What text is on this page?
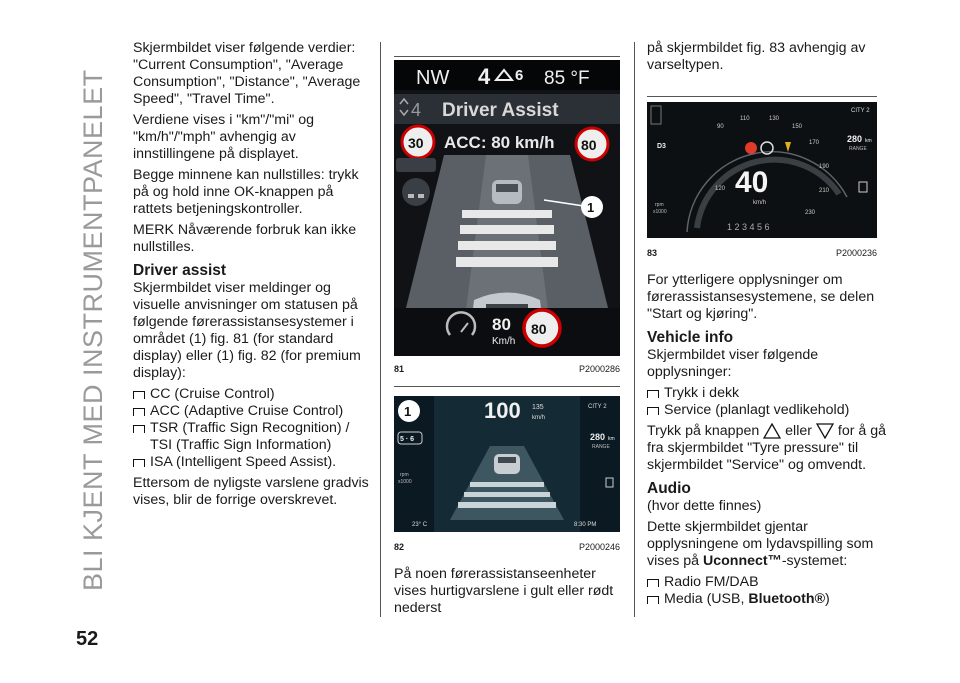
BLI KJENT MED INSTRUMENTPANELET
52

Skjermbildet viser følgende verdier: "Current Consumption", "Average Consumption", "Distance", "Average Speed", "Travel Time".

Verdiene vises i "km"/"mi" og "km/h"/"mph" avhengig av innstillingene på displayet.

Begge minnene kan nullstilles: trykk på og hold inne OK-knappen på rattets betjeningskontroller.

MERK Nåværende forbruk kan ikke nullstilles.

Driver assist

Skjermbildet viser meldinger og visuelle anvisninger om statusen på følgende førerassistansesystemer i området (1) fig. 81 (for standard display) eller (1) fig. 82 (for premium display):

CC (Cruise Control)
ACC (Adaptive Cruise Control)
TSR (Traffic Sign Recognition) / TSI (Traffic Sign Information)
ISA (Intelligent Speed Assist).

Ettersom de nyligste varslene gradvis vises, blir de forrige overskrevet.

NW 4 6 85 °F
4 Driver Assist
30 ACC: 80 km/h 80
1
80
Km/h
80
81	P2000286
1	100 135
km/h
CITY 2
5 · 6	280 km
RANGE
rpm
x1000
23° C	8:30 PM
82	P2000246

På noen førerassistanseenheter vises hurtigvarslene i gult eller rødt nederst

på skjermbildet fig. 83 avhengig av varseltypen.

110	130
90	150
170
190
210
230
120 40
km/h
1 2 3 4 5 6
D3
rpm
x1000
CITY 2
280 km
RANGE
83	P2000236

For ytterligere opplysninger om førerassistansesystemene, se delen "Start og kjøring".

Vehicle info

Skjermbildet viser følgende opplysninger:

Trykk i dekk
Service (planlagt vedlikehold)

Trykk på knappen eller for å gå fra skjermbildet "Tyre pressure" til skjermbildet "Service" og omvendt.

Audio

(hvor dette finnes)

Dette skjermbildet gjentar opplysningene om lydavspilling som vises på Uconnect™-systemet:

Radio FM/DAB
Media (USB, Bluetooth®)
